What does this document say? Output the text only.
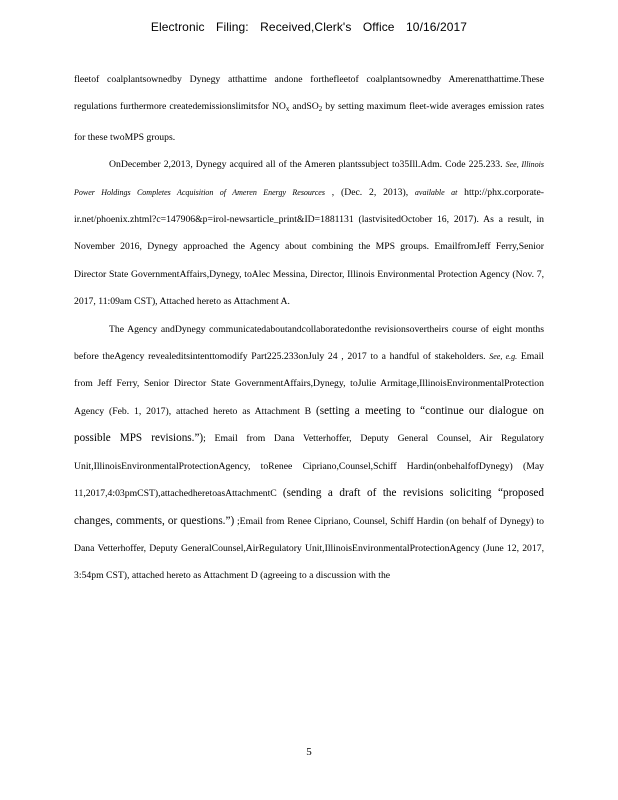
Electronic Filing: Received,Clerk's Office 10/16/2017

fleetof coalplantsownedby Dynegy atthattime andone forthefleetof coalplantsownedby Amerenatthattime.These regulations furthermore createdemissionslimitsfor $NO_x$ andSO$_2$ by setting maximum fleet-wide averages emission rates for these twoMPS groups.

OnDecember 2,2013, Dynegy acquired all of the Ameren plantssubject to35Ill.Adm. Code 225.233. See, Illinois Power Holdings Completes Acquisition of Ameren Energy Resources , (Dec. 2, 2013), available at http://phx.corporate-ir.net/phoenix.zhtml?c=147906&p=irol-newsarticle_print&ID=1881131 (lastvisitedOctober 16, 2017). As a result, in November 2016, Dynegy approached the Agency about combining the MPS groups. EmailfromJeff Ferry,Senior Director State GovernmentAffairs,Dynegy, toAlec Messina, Director, Illinois Environmental Protection Agency (Nov. 7, 2017, 11:09am CST), Attached hereto as Attachment A.

The Agency andDynegy communicatedaboutandcollaboratedonthe revisionsovertheirs course of eight months before theAgency revealeditsintenttomodify Part225.233onJuly 24 , 2017 to a handful of stakeholders. See, e.g. Email from Jeff Ferry, Senior Director State GovernmentAffairs,Dynegy, toJulie Armitage,IllinoisEnvironmentalProtection Agency (Feb. 1, 2017), attached hereto as Attachment B (setting a meeting to “continue our dialogue on possible MPS revisions.”); Email from Dana Vetterhoffer, Deputy General Counsel, Air Regulatory Unit,IllinoisEnvironmentalProtectionAgency, toRenee Cipriano,Counsel,Schiff Hardin(onbehalfofDynegy) (May 11,2017,4:03pmCST),attachedheretoasAttachmentC (sending a draft of the revisions soliciting “proposed changes, comments, or questions.”) ;Email from Renee Cipriano, Counsel, Schiff Hardin (on behalf of Dynegy) to Dana Vetterhoffer, Deputy GeneralCounsel,AirRegulatory Unit,IllinoisEnvironmentalProtectionAgency (June 12, 2017, 3:54pm CST), attached hereto as Attachment D (agreeing to a discussion with the

5
